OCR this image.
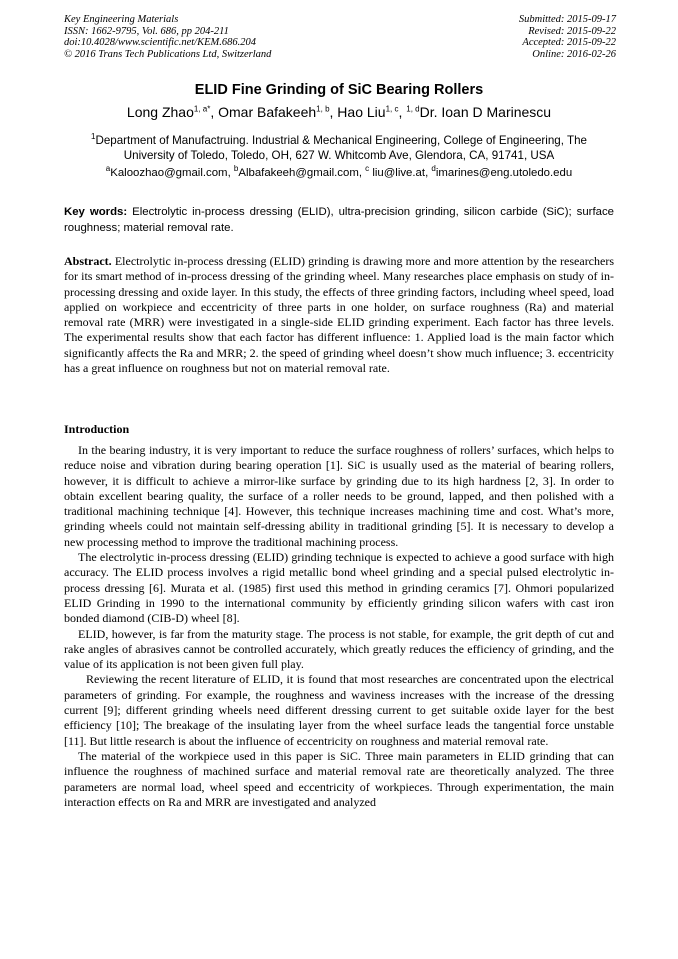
Key Engineering Materials
ISSN: 1662-9795, Vol. 686, pp 204-211
doi:10.4028/www.scientific.net/KEM.686.204
© 2016 Trans Tech Publications Ltd, Switzerland
Submitted: 2015-09-17
Revised: 2015-09-22
Accepted: 2015-09-22
Online: 2016-02-26
ELID Fine Grinding of SiC Bearing Rollers
Long Zhao$^{1, a*}$, Omar Bafakeeh$^{1, b}$, Hao Liu$^{1, c}$, $^{1, d}$Dr. Ioan D Marinescu
$^1$Department of Manufactruing. Industrial & Mechanical Engineering, College of Engineering, The University of Toledo, Toledo, OH, 627 W. Whitcomb Ave, Glendora, CA, 91741, USA
$^a$Kaloozhao@gmail.com, $^b$Albafakeeh@gmail.com, $^c$ liu@live.at, $^d$imarines@eng.utoledo.edu
Key words: Electrolytic in-process dressing (ELID), ultra-precision grinding, silicon carbide (SiC); surface roughness; material removal rate.
Abstract. Electrolytic in-process dressing (ELID) grinding is drawing more and more attention by the researchers for its smart method of in-process dressing of the grinding wheel. Many researches place emphasis on study of in-processing dressing and oxide layer. In this study, the effects of three grinding factors, including wheel speed, load applied on workpiece and eccentricity of three parts in one holder, on surface roughness (Ra) and material removal rate (MRR) were investigated in a single-side ELID grinding experiment. Each factor has three levels. The experimental results show that each factor has different influence: 1. Applied load is the main factor which significantly affects the Ra and MRR; 2. the speed of grinding wheel doesn’t show much influence; 3. eccentricity has a great influence on roughness but not on material removal rate.
Introduction

In the bearing industry, it is very important to reduce the surface roughness of rollers’ surfaces, which helps to reduce noise and vibration during bearing operation [1]. SiC is usually used as the material of bearing rollers, however, it is difficult to achieve a mirror-like surface by grinding due to its high hardness [2, 3]. In order to obtain excellent bearing quality, the surface of a roller needs to be ground, lapped, and then polished with a traditional machining technique [4]. However, this technique increases machining time and cost. What’s more, grinding wheels could not maintain self-dressing ability in traditional grinding [5]. It is necessary to develop a new processing method to improve the traditional machining process.

The electrolytic in-process dressing (ELID) grinding technique is expected to achieve a good surface with high accuracy. The ELID process involves a rigid metallic bond wheel grinding and a special pulsed electrolytic in-process dressing [6]. Murata et al. (1985) first used this method in grinding ceramics [7]. Ohmori popularized ELID Grinding in 1990 to the international community by efficiently grinding silicon wafers with cast iron bonded diamond (CIB-D) wheel [8].

ELID, however, is far from the maturity stage. The process is not stable, for example, the grit depth of cut and rake angles of abrasives cannot be controlled accurately, which greatly reduces the efficiency of grinding, and the value of its application is not been given full play.

Reviewing the recent literature of ELID, it is found that most researches are concentrated upon the electrical parameters of grinding. For example, the roughness and waviness increases with the increase of the dressing current [9]; different grinding wheels need different dressing current to get suitable oxide layer for the best efficiency [10]; The breakage of the insulating layer from the wheel surface leads the tangential force unstable [11]. But little research is about the influence of eccentricity on roughness and material removal rate.

The material of the workpiece used in this paper is SiC. Three main parameters in ELID grinding that can influence the roughness of machined surface and material removal rate are theoretically analyzed. The three parameters are normal load, wheel speed and eccentricity of workpieces. Through experimentation, the main interaction effects on Ra and MRR are investigated and analyzed
